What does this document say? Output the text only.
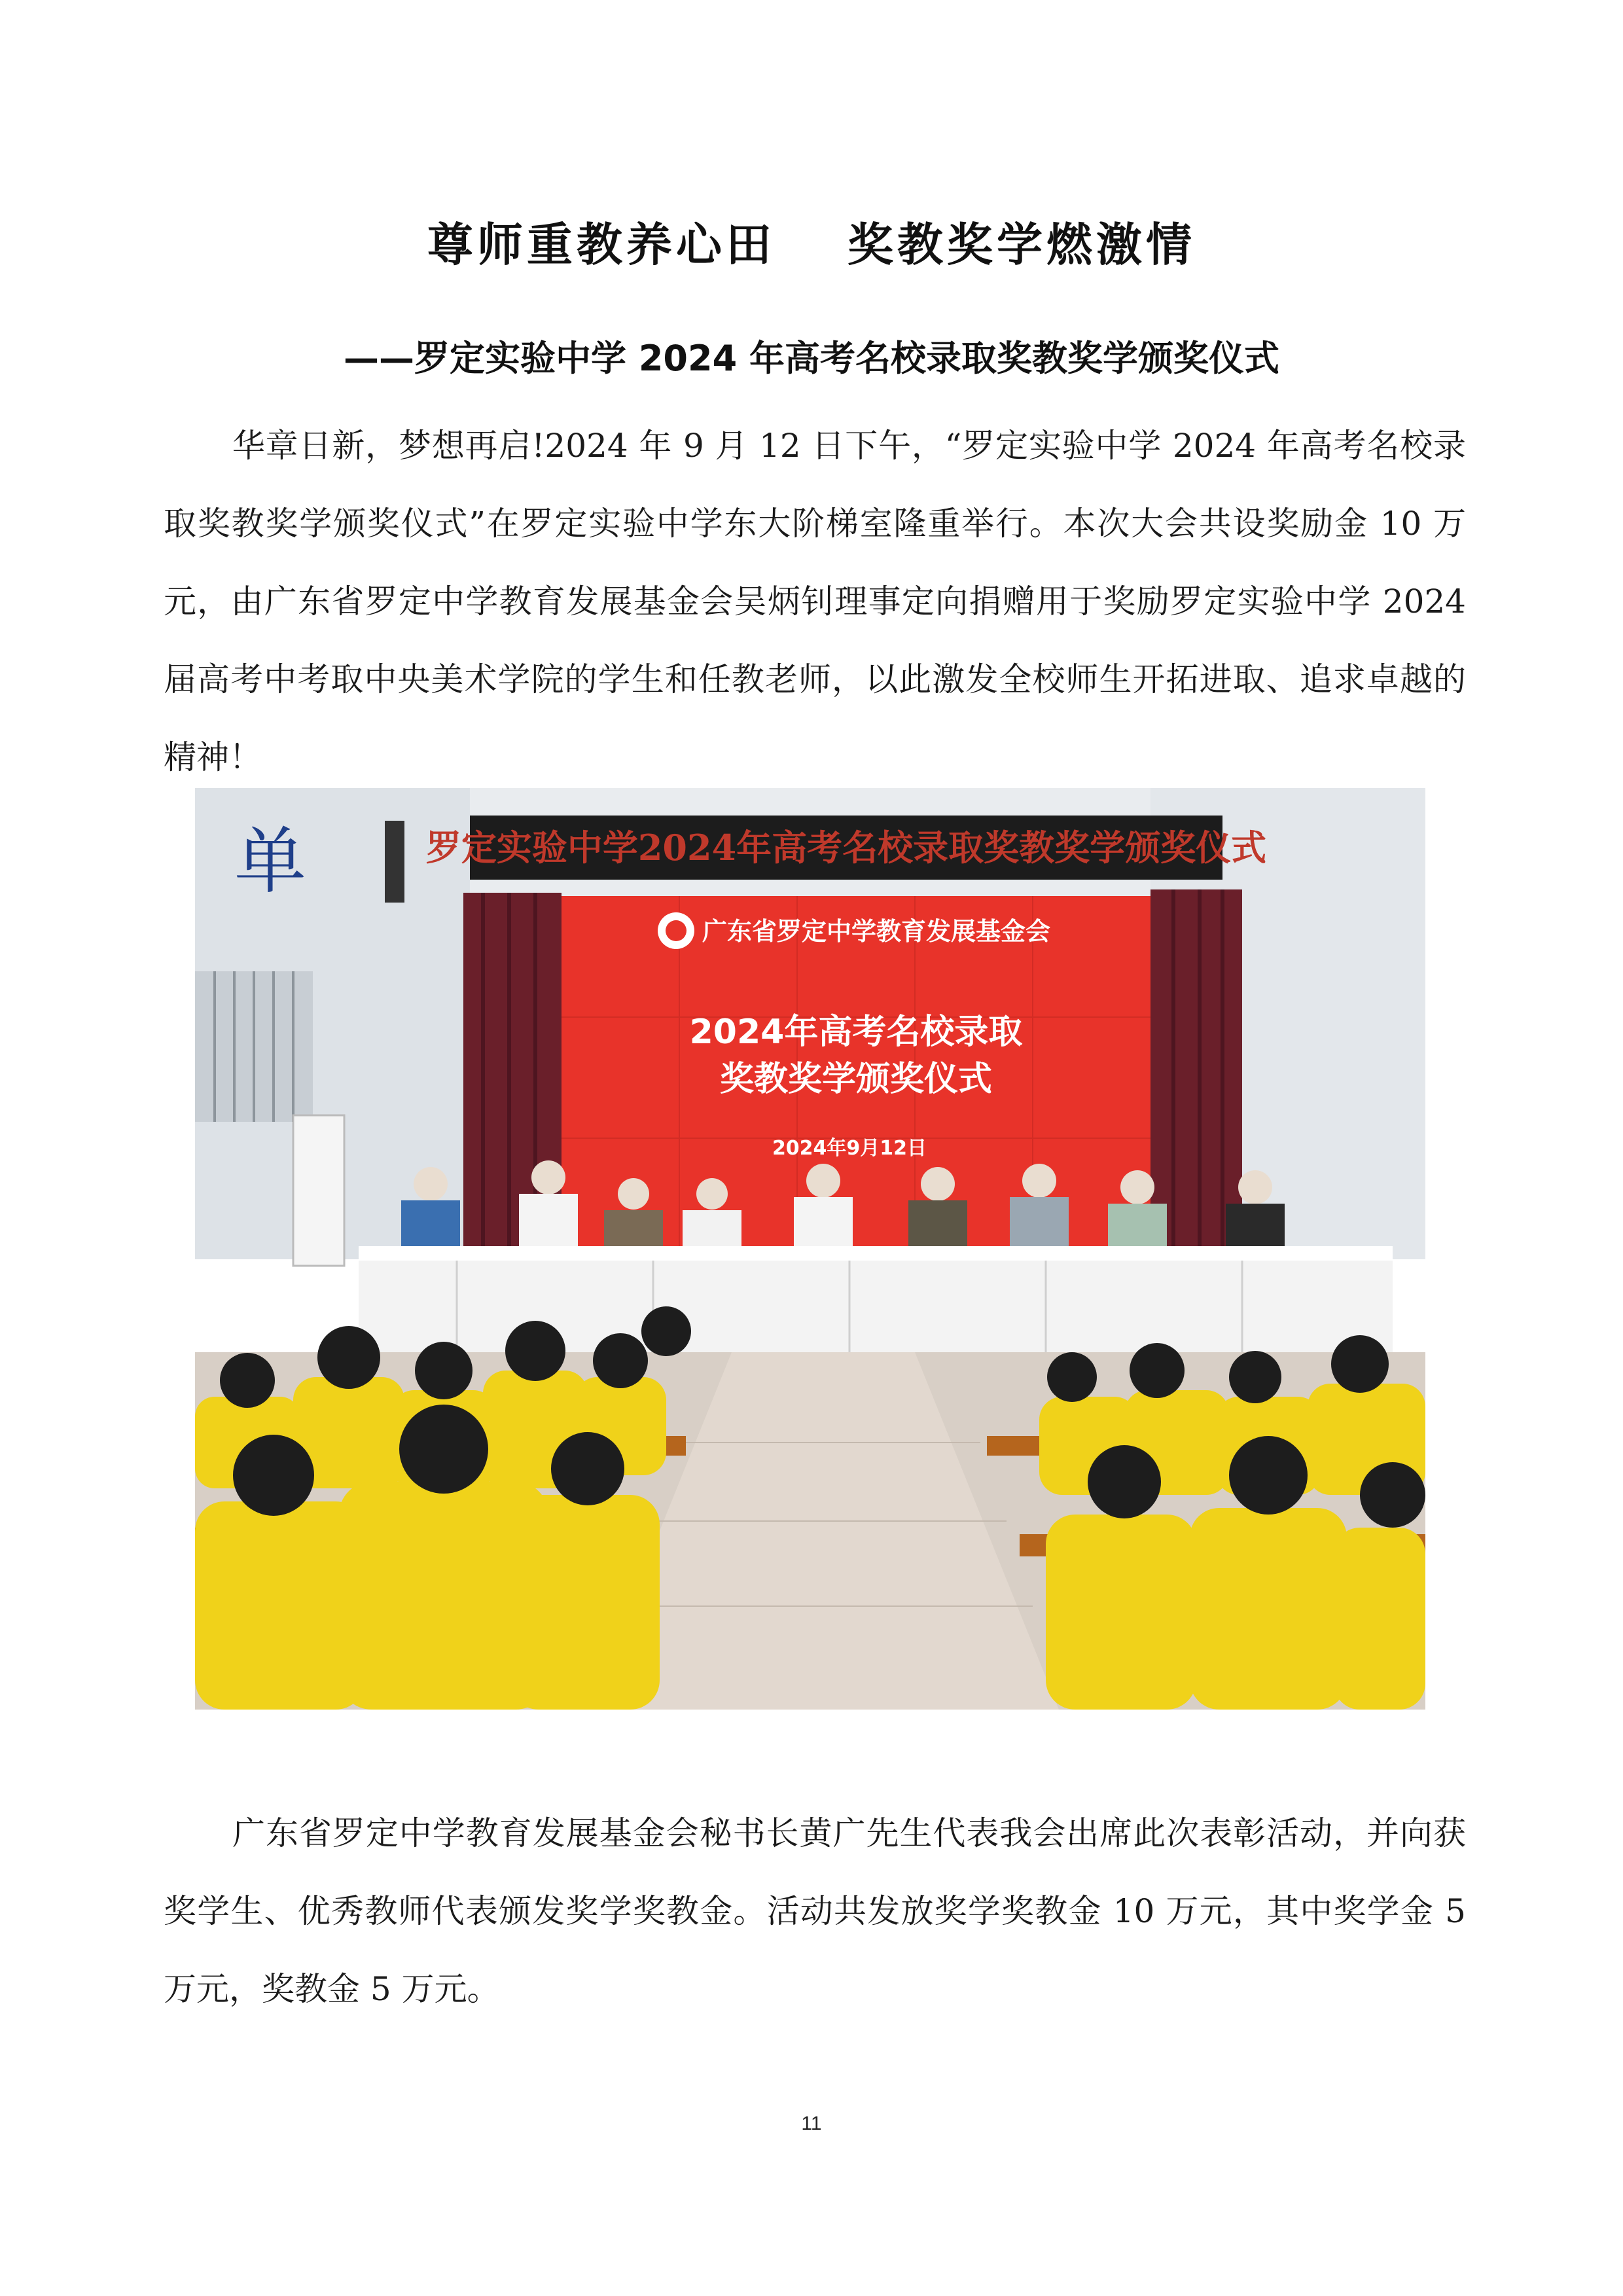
尊师重教养心田 奖教奖学燃激情
——罗定实验中学 2024 年高考名校录取奖教奖学颁奖仪式

华章日新，梦想再启!2024 年 9 月 12 日下午，“罗定实验中学 2024 年高考名校录取奖教奖学颁奖仪式”在罗定实验中学东大阶梯室隆重举行。本次大会共设奖励金 10 万元，由广东省罗定中学教育发展基金会吴炳钊理事定向捐赠用于奖励罗定实验中学 2024 届高考中考取中央美术学院的学生和任教老师，以此激发全校师生开拓进取、追求卓越的精神！

单	罗定实验中学2024年高考名校录取奖教奖学颁奖仪式
广东省罗定中学教育发展基金会
2024年高考名校录取
奖教奖学颁奖仪式
2024年9月12日

广东省罗定中学教育发展基金会秘书长黄广先生代表我会出席此次表彰活动，并向获奖学生、优秀教师代表颁发奖学奖教金。活动共发放奖学奖教金 10 万元，其中奖学金 5 万元，奖教金 5 万元。

11
